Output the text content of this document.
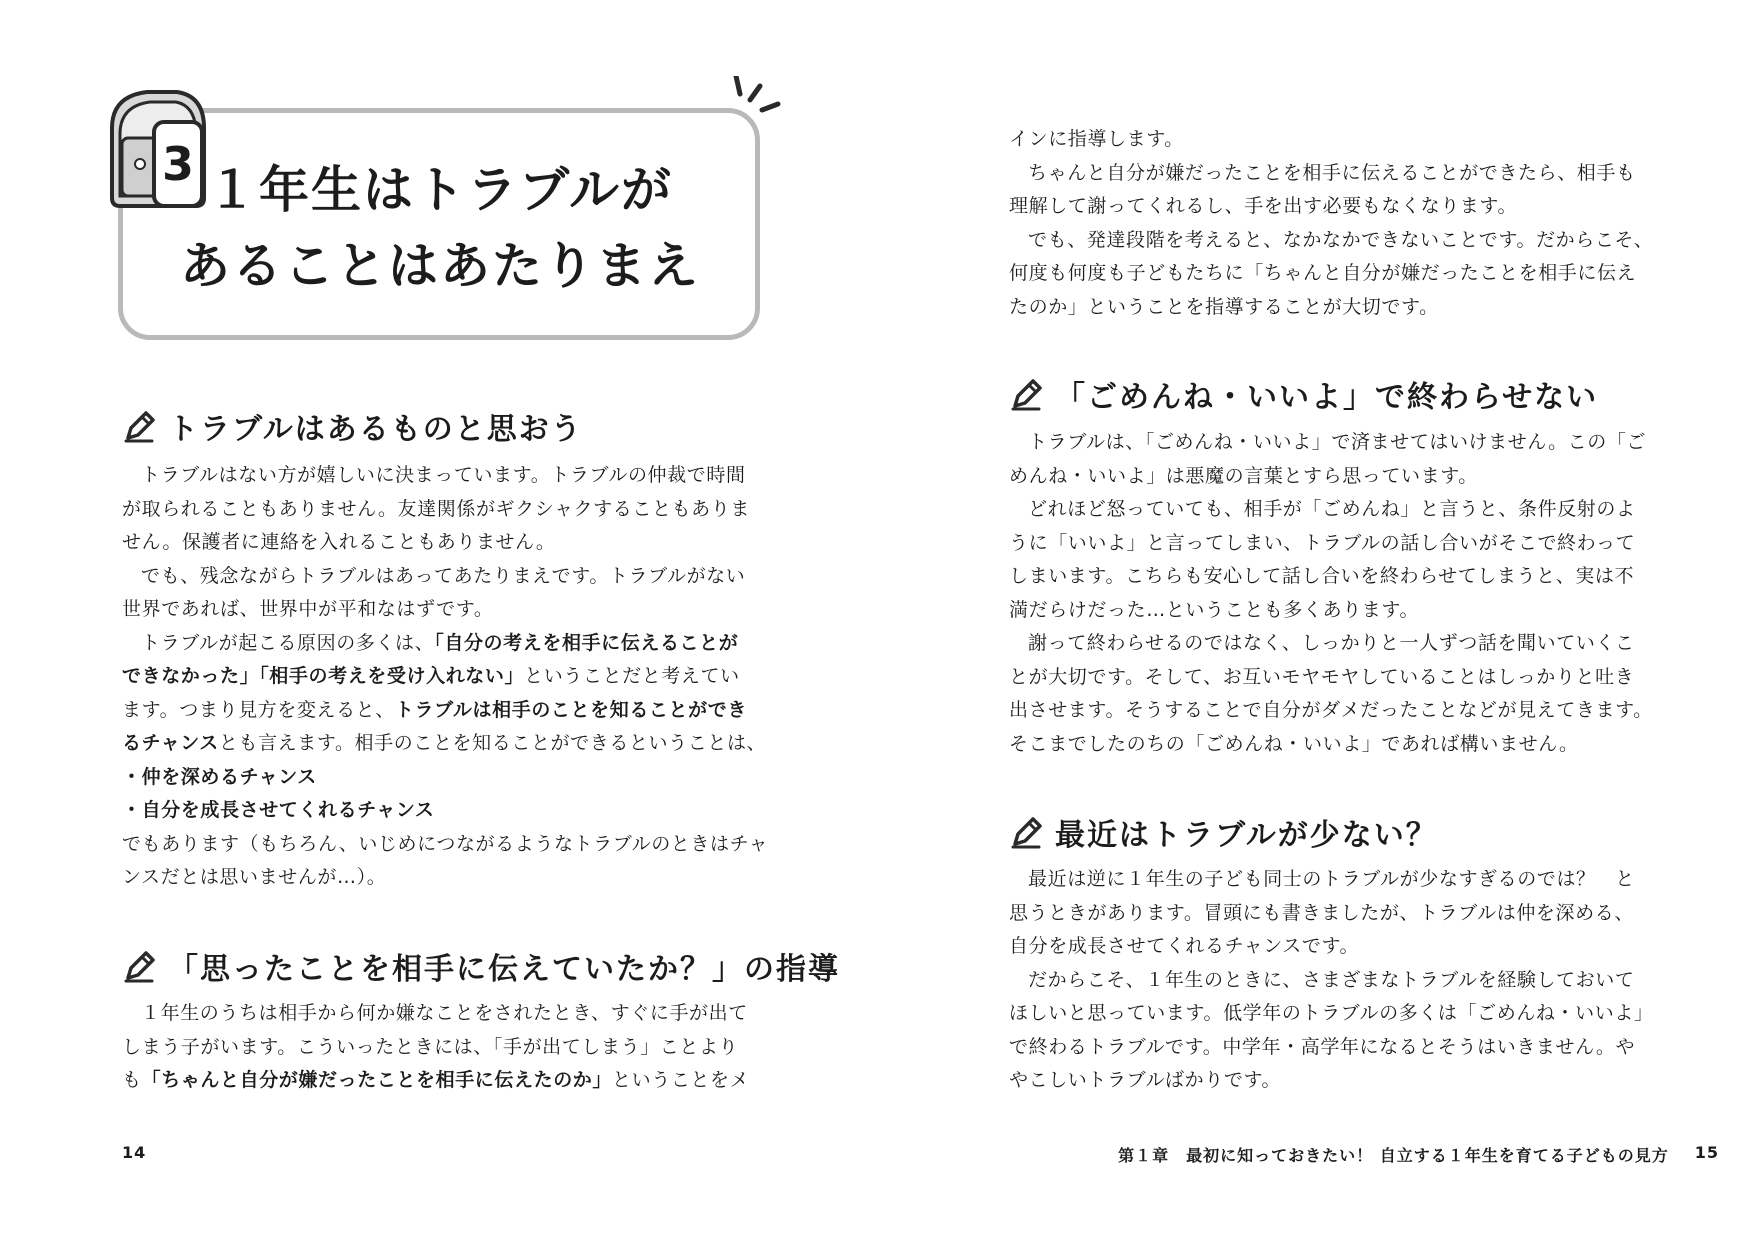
3 １年生はトラブルが
あることはあたりまえ
トラブルはあるものと思おう

トラブルはない方が嬉しいに決まっています。トラブルの仲裁で時間

が取られることもありません。友達関係がギクシャクすることもありま

せん。保護者に連絡を入れることもありません。

でも、残念ながらトラブルはあってあたりまえです。トラブルがない

世界であれば、世界中が平和なはずです。

トラブルが起こる原因の多くは、「自分の考えを相手に伝えることが

できなかった」「相手の考えを受け入れない」ということだと考えてい

ます。つまり見方を変えると、トラブルは相手のことを知ることができ

るチャンスとも言えます。相手のことを知ることができるということは、

・仲を深めるチャンス

・自分を成長させてくれるチャンス

でもあります（もちろん、いじめにつながるようなトラブルのときはチャ

ンスだとは思いませんが…）。

「思ったことを相手に伝えていたか？」の指導

１年生のうちは相手から何か嫌なことをされたとき、すぐに手が出て

しまう子がいます。こういったときには、「手が出てしまう」ことより

も「ちゃんと自分が嫌だったことを相手に伝えたのか」ということをメ

14

インに指導します。

ちゃんと自分が嫌だったことを相手に伝えることができたら、相手も

理解して謝ってくれるし、手を出す必要もなくなります。

でも、発達段階を考えると、なかなかできないことです。だからこそ、

何度も何度も子どもたちに「ちゃんと自分が嫌だったことを相手に伝え

たのか」ということを指導することが大切です。

「ごめんね・いいよ」で終わらせない

トラブルは、「ごめんね・いいよ」で済ませてはいけません。この「ご

めんね・いいよ」は悪魔の言葉とすら思っています。

どれほど怒っていても、相手が「ごめんね」と言うと、条件反射のよ

うに「いいよ」と言ってしまい、トラブルの話し合いがそこで終わって

しまいます。こちらも安心して話し合いを終わらせてしまうと、実は不

満だらけだった…ということも多くあります。

謝って終わらせるのではなく、しっかりと一人ずつ話を聞いていくこ

とが大切です。そして、お互いモヤモヤしていることはしっかりと吐き

出させます。そうすることで自分がダメだったことなどが見えてきます。

そこまでしたのちの「ごめんね・いいよ」であれば構いません。

最近はトラブルが少ない？

最近は逆に１年生の子ども同士のトラブルが少なすぎるのでは？　と

思うときがあります。冒頭にも書きましたが、トラブルは仲を深める、

自分を成長させてくれるチャンスです。

だからこそ、１年生のときに、さまざまなトラブルを経験しておいて

ほしいと思っています。低学年のトラブルの多くは「ごめんね・いいよ」

で終わるトラブルです。中学年・高学年になるとそうはいきません。や

やこしいトラブルばかりです。

第１章　最初に知っておきたい！ 自立する１年生を育てる子どもの見方 15
